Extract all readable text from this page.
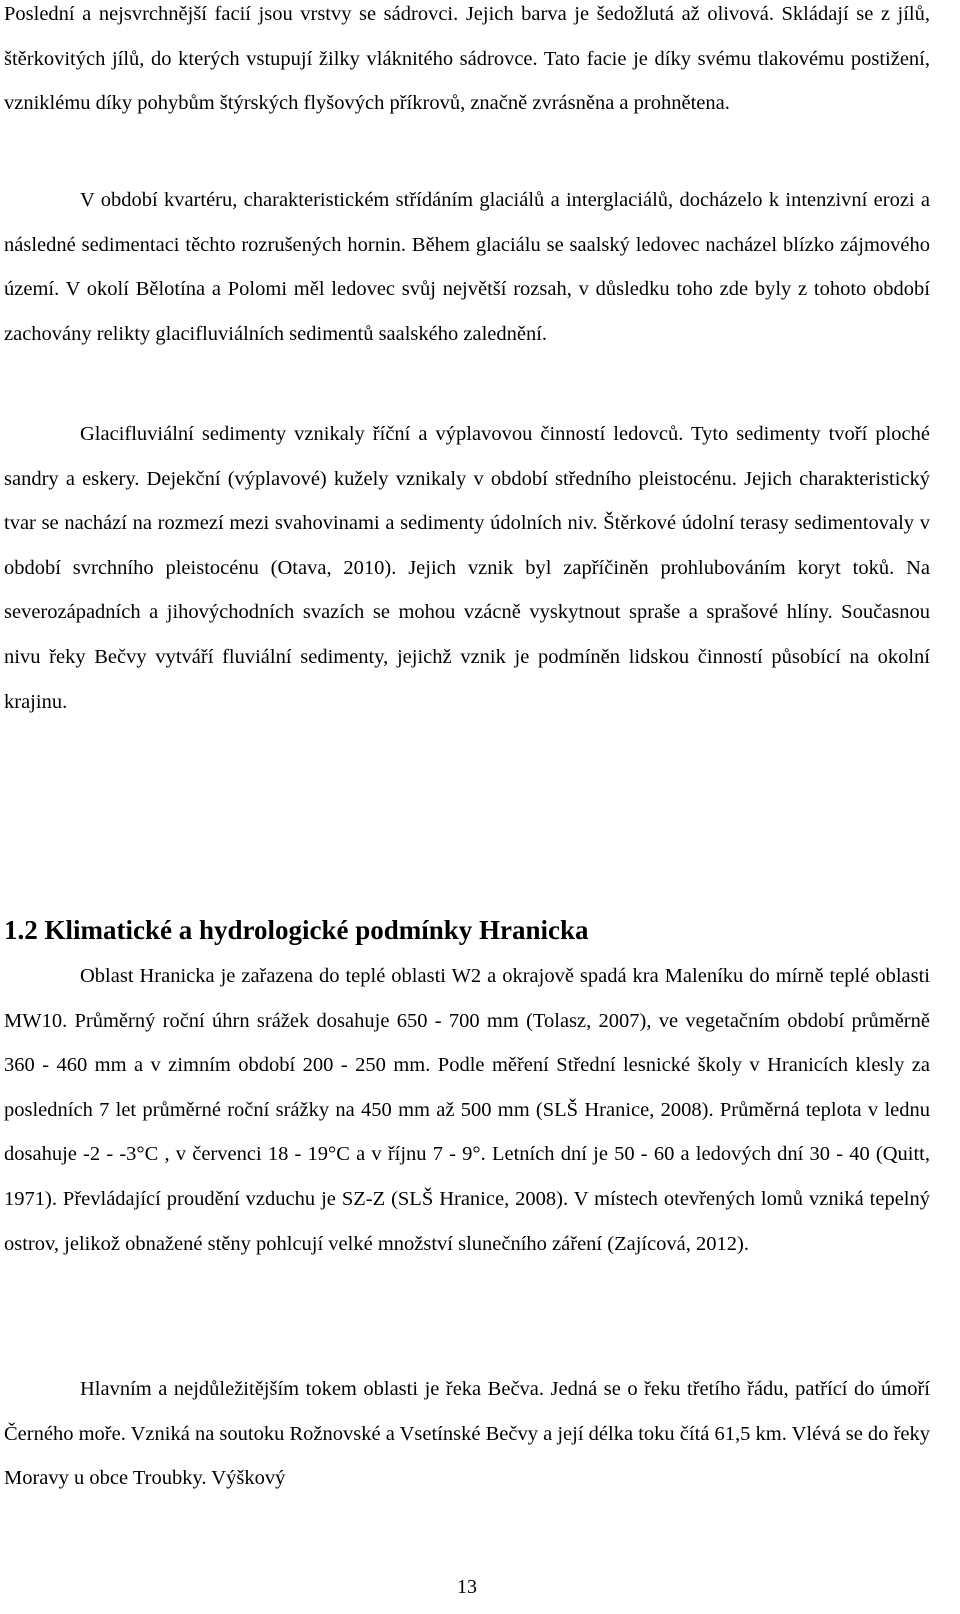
Poslední a nejsvrchnější facií jsou vrstvy se sádrovci. Jejich barva je šedožlutá až olivová. Skládají se z jílů, štěrkovitých jílů, do kterých vstupují žilky vláknitého sádrovce. Tato facie je díky svému tlakovému postižení, vzniklému díky pohybům štýrských flyšových příkrovů, značně zvrásněna a prohnětena.

V období kvartéru, charakteristickém střídáním glaciálů a interglaciálů, docházelo k intenzivní erozi a následné sedimentaci těchto rozrušených hornin. Během glaciálu se saalský ledovec nacházel blízko zájmového území. V okolí Bělotína a Polomi měl ledovec svůj největší rozsah, v důsledku toho zde byly z tohoto období zachovány relikty glacifluviálních sedimentů saalského zalednění.

Glacifluviální sedimenty vznikaly říční a výplavovou činností ledovců. Tyto sedimenty tvoří ploché sandry a eskery. Dejekční (výplavové) kužely vznikaly v období středního pleistocénu. Jejich charakteristický tvar se nachází na rozmezí mezi svahovinami a sedimenty údolních niv. Štěrkové údolní terasy sedimentovaly v období svrchního pleistocénu (Otava, 2010). Jejich vznik byl zapříčiněn prohlubováním koryt toků. Na severozápadních a jihovýchodních svazích se mohou vzácně vyskytnout spraše a sprašové hlíny. Současnou nivu řeky Bečvy vytváří fluviální sedimenty, jejichž vznik je podmíněn lidskou činností působící na okolní krajinu.

1.2 Klimatické a hydrologické podmínky Hranicka

Oblast Hranicka je zařazena do teplé oblasti W2 a okrajově spadá kra Maleníku do mírně teplé oblasti MW10. Průměrný roční úhrn srážek dosahuje 650 - 700 mm (Tolasz, 2007), ve vegetačním období průměrně 360 - 460 mm a v zimním období 200 - 250 mm. Podle měření Střední lesnické školy v Hranicích klesly za posledních 7 let průměrné roční srážky na 450 mm až 500 mm (SLŠ Hranice, 2008). Průměrná teplota v lednu dosahuje -2 - -3°C , v červenci 18 - 19°C a v říjnu 7 - 9°. Letních dní je 50 - 60 a ledových dní 30 - 40 (Quitt, 1971). Převládající proudění vzduchu je SZ-Z (SLŠ Hranice, 2008). V místech otevřených lomů vzniká tepelný ostrov, jelikož obnažené stěny pohlcují velké množství slunečního záření (Zajícová, 2012).

Hlavním a nejdůležitějším tokem oblasti je řeka Bečva. Jedná se o řeku třetího řádu, patřící do úmoří Černého moře. Vzniká na soutoku Rožnovské a Vsetínské Bečvy a její délka toku čítá 61,5 km. Vlévá se do řeky Moravy u obce Troubky. Výškový

13
